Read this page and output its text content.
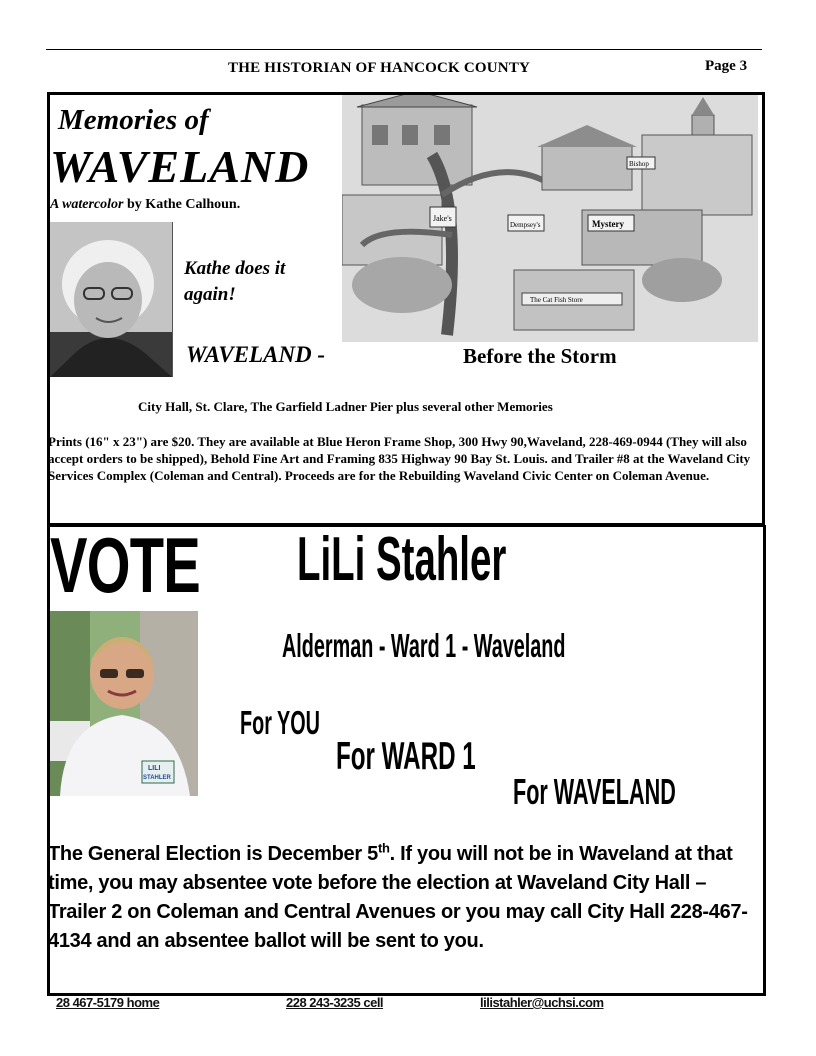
THE HISTORIAN OF HANCOCK COUNTY	Page 3
Memories of
WAVELAND
A watercolor by Kathe Calhoun.
Jake's
Dempsey's	Mystery
Bishop
The Cat Fish Store
Kathe does it
again!
WAVELAND -	Before the Storm
City Hall, St. Clare, The Garfield Ladner Pier plus several other Memories
Prints (16" x 23") are $20. They are available at Blue Heron Frame Shop, 300 Hwy 90,Waveland, 228-469-0944 (They will also accept orders to be shipped), Behold Fine Art and Framing 835 Highway 90 Bay St. Louis. and Trailer #8 at the Waveland City Services Complex (Coleman and Central). Proceeds are for the Rebuilding Waveland Civic Center on Coleman Avenue.
VOTE LiLi Stahler
LILI
STAHLER
Alderman - Ward 1 - Waveland
For YOU
For WARD 1
For WAVELAND
The General Election is December 5th. If you will not be in Waveland at that time, you may absentee vote before the election at Waveland City Hall – Trailer 2 on Coleman and Central Avenues or you may call City Hall 228-467-4134 and an absentee ballot will be sent to you.
28 467-5179 home	228 243-3235 cell	lilistahler@uchsi.com
